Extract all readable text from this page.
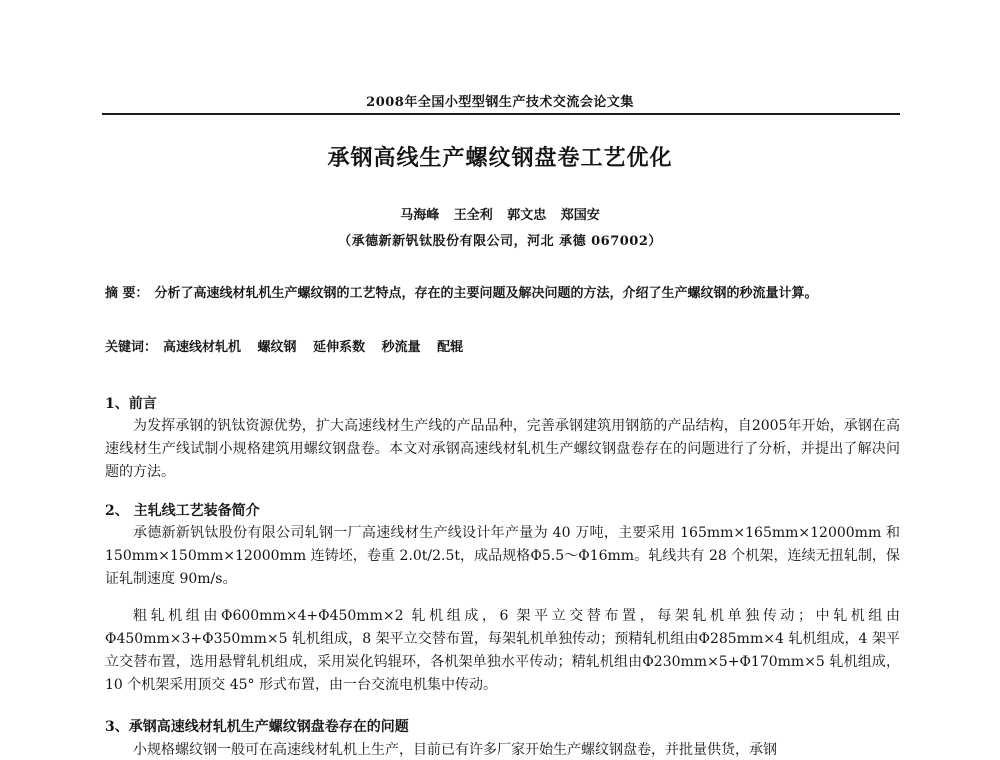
2008年全国小型型钢生产技术交流会论文集
承钢高线生产螺纹钢盘卷工艺优化
马海峰 王全利 郭文忠 郑国安
（承德新新钒钛股份有限公司，河北 承德 067002）
摘 要： 分析了高速线材轧机生产螺纹钢的工艺特点，存在的主要问题及解决问题的方法，介绍了生产螺纹钢的秒流量计算。
关键词： 高速线材轧机 螺纹钢 延伸系数 秒流量 配辊
1、前言
为发挥承钢的钒钛资源优势，扩大高速线材生产线的产品品种，完善承钢建筑用钢筋的产品结构，自2005年开始，承钢在高速线材生产线试制小规格建筑用螺纹钢盘卷。本文对承钢高速线材轧机生产螺纹钢盘卷存在的问题进行了分析，并提出了解决问题的方法。
2、 主轧线工艺装备简介
承德新新钒钛股份有限公司轧钢一厂高速线材生产线设计年产量为 40 万吨，主要采用 165mm×165mm×12000mm 和 150mm×150mm×12000mm 连铸坯，卷重 2.0t/2.5t，成品规格Φ5.5～Φ16mm。轧线共有 28 个机架，连续无扭轧制，保证轧制速度 90m/s。
粗轧机组由Φ600mm×4+Φ450mm×2 轧机组成，6 架平立交替布置，每架轧机单独传动；中轧机组由Φ450mm×3+Φ350mm×5 轧机组成，8 架平立交替布置，每架轧机单独传动；预精轧机组由Φ285mm×4 轧机组成，4 架平立交替布置，选用悬臂轧机组成，采用炭化钨辊环，各机架单独水平传动；精轧机组由Φ230mm×5+Φ170mm×5 轧机组成，10 个机架采用顶交 45° 形式布置，由一台交流电机集中传动。
3、承钢高速线材轧机生产螺纹钢盘卷存在的问题
小规格螺纹钢一般可在高速线材轧机上生产，目前已有许多厂家开始生产螺纹钢盘卷，并批量供货，承钢
